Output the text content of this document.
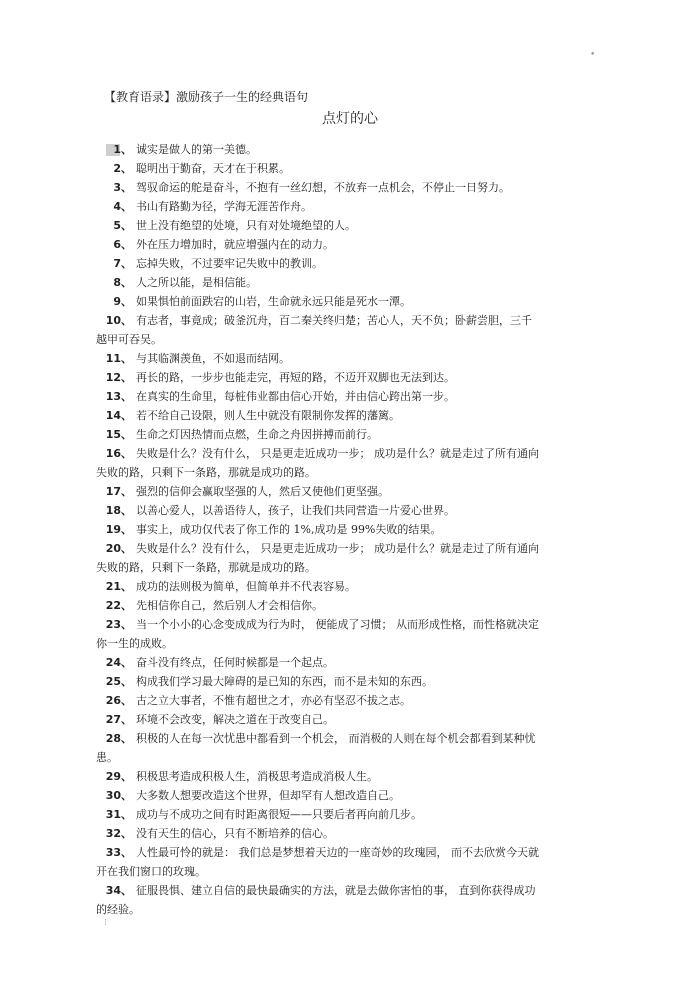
•
⁝
【教育语录】激励孩子一生的经典语句
点灯的心
1、 诚实是做人的第一美德。
2、 聪明出于勤奋，天才在于积累。
3、 驾驭命运的舵是奋斗，不抱有一丝幻想，不放弃一点机会，不停止一日努力。
4、 书山有路勤为径，学海无涯苦作舟。
5、 世上没有绝望的处境，只有对处境绝望的人。
6、 外在压力增加时，就应增强内在的动力。
7、 忘掉失败，不过要牢记失败中的教训。
8、 人之所以能，是相信能。
9、 如果惧怕前面跌宕的山岩，生命就永远只能是死水一潭。
10、 有志者，事竟成；破釜沉舟，百二秦关终归楚；苦心人，天不负；卧薪尝胆，三千
越甲可吞吴。
11、 与其临渊羡鱼，不如退而结网。
12、 再长的路，一步步也能走完，再短的路，不迈开双脚也无法到达。
13、 在真实的生命里，每桩伟业都由信心开始，并由信心跨出第一步。
14、 若不给自己设限，则人生中就没有限制你发挥的藩篱。
15、 生命之灯因热情而点燃，生命之舟因拼搏而前行。
16、 失败是什么？没有什么， 只是更走近成功一步； 成功是什么？就是走过了所有通向
失败的路，只剩下一条路，那就是成功的路。
17、 强烈的信仰会赢取坚强的人，然后又使他们更坚强。
18、 以善心爱人，以善语待人，孩子，让我们共同营造一片爱心世界。
19、 事实上，成功仅代表了你工作的 1%,成功是 99%失败的结果。
20、 失败是什么？没有什么， 只是更走近成功一步； 成功是什么？就是走过了所有通向
失败的路，只剩下一条路，那就是成功的路。
21、 成功的法则极为简单，但简单并不代表容易。
22、 先相信你自己，然后别人才会相信你。
23、 当一个小小的心念变成成为行为时， 便能成了习惯； 从而形成性格，而性格就决定
你一生的成败。
24、 奋斗没有终点，任何时候都是一个起点。
25、 构成我们学习最大障碍的是已知的东西，而不是未知的东西。
26、 古之立大事者，不惟有超世之才，亦必有坚忍不拔之志。
27、 环境不会改变，解决之道在于改变自己。
28、 积极的人在每一次忧患中都看到一个机会， 而消极的人则在每个机会都看到某种忧
患。
29、 积极思考造成积极人生，消极思考造成消极人生。
30、 大多数人想要改造这个世界，但却罕有人想改造自己。
31、 成功与不成功之间有时距离很短——只要后者再向前几步。
32、 没有天生的信心，只有不断培养的信心。
33、 人性最可怜的就是： 我们总是梦想着天边的一座奇妙的玫瑰园， 而不去欣赏今天就
开在我们窗口的玫瑰。
34、 征服畏惧、建立自信的最快最确实的方法，就是去做你害怕的事， 直到你获得成功
的经验。
